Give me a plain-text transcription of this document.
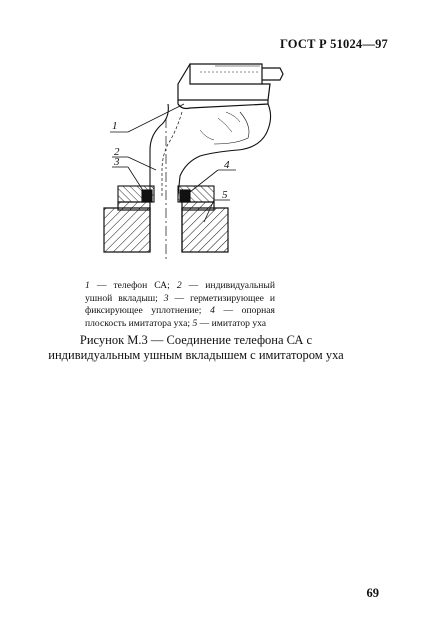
ГОСТ Р 51024—97
1
2
3	4
5
1 — телефон СА; 2 — индивидуальный ушной вкладыш; 3 — герметизирующее и фиксирующее уплотнение; 4 — опорная плоскость имитатора уха; 5 — имитатор уха
Рисунок М.3 — Соединение телефона СА с индивидуальным ушным вкладышем с имитатором уха
69
